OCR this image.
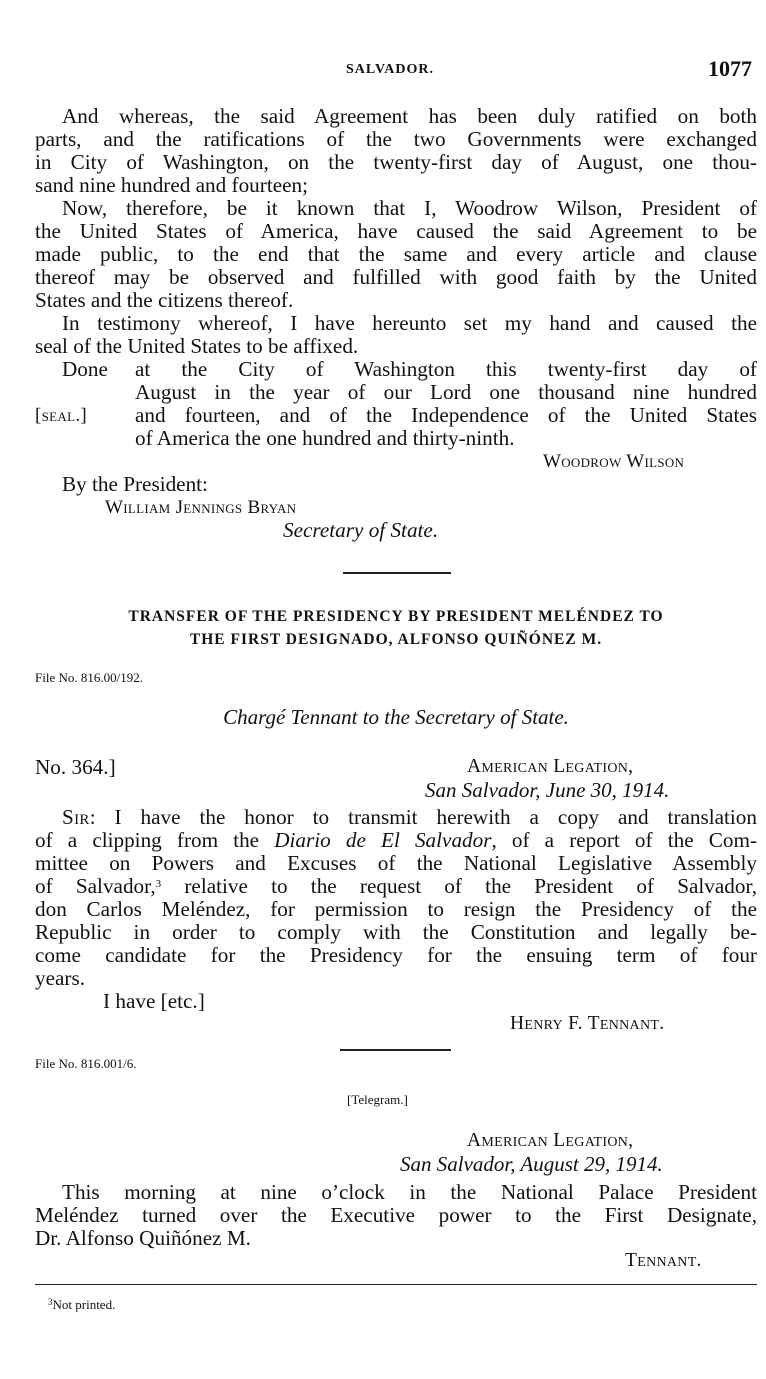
SALVADOR.	1077
And whereas, the said Agreement has been duly ratified on both
parts, and the ratifications of the two Governments were exchanged
in City of Washington, on the twenty-first day of August, one thou-
sand nine hundred and fourteen;
Now, therefore, be it known that I, Woodrow Wilson, President of
the United States of America, have caused the said Agreement to be
made public, to the end that the same and every article and clause
thereof may be observed and fulfilled with good faith by the United
States and the citizens thereof.
In testimony whereof, I have hereunto set my hand and caused the
seal of the United States to be affixed.
Done at the City of Washington this twenty-first day of
August in the year of our Lord one thousand nine hundred
and fourteen, and of the Independence of the United States
of America the one hundred and thirty-ninth.
[seal.]
Woodrow Wilson
By the President:
William Jennings Bryan
Secretary of State.
TRANSFER OF THE PRESIDENCY BY PRESIDENT MELÉNDEZ TO
THE FIRST DESIGNADO, ALFONSO QUIÑÓNEZ M.
File No. 816.00/192.
Chargé Tennant to the Secretary of State.
No. 364.]	American Legation,
San Salvador, June 30, 1914.
Sir: I have the honor to transmit herewith a copy and translation
of a clipping from the Diario de El Salvador, of a report of the Com-
mittee on Powers and Excuses of the National Legislative Assembly
of Salvador,$^3$ relative to the request of the President of Salvador,
don Carlos Meléndez, for permission to resign the Presidency of the
Republic in order to comply with the Constitution and legally be-
come candidate for the Presidency for the ensuing term of four
years.
I have [etc.]
Henry F. Tennant.
File No. 816.001/6.
[Telegram.]
American Legation,
San Salvador, August 29, 1914.
This morning at nine o’clock in the National Palace President
Meléndez turned over the Executive power to the First Designate,
Dr. Alfonso Quiñónez M.
Tennant.
$^3$Not printed.
